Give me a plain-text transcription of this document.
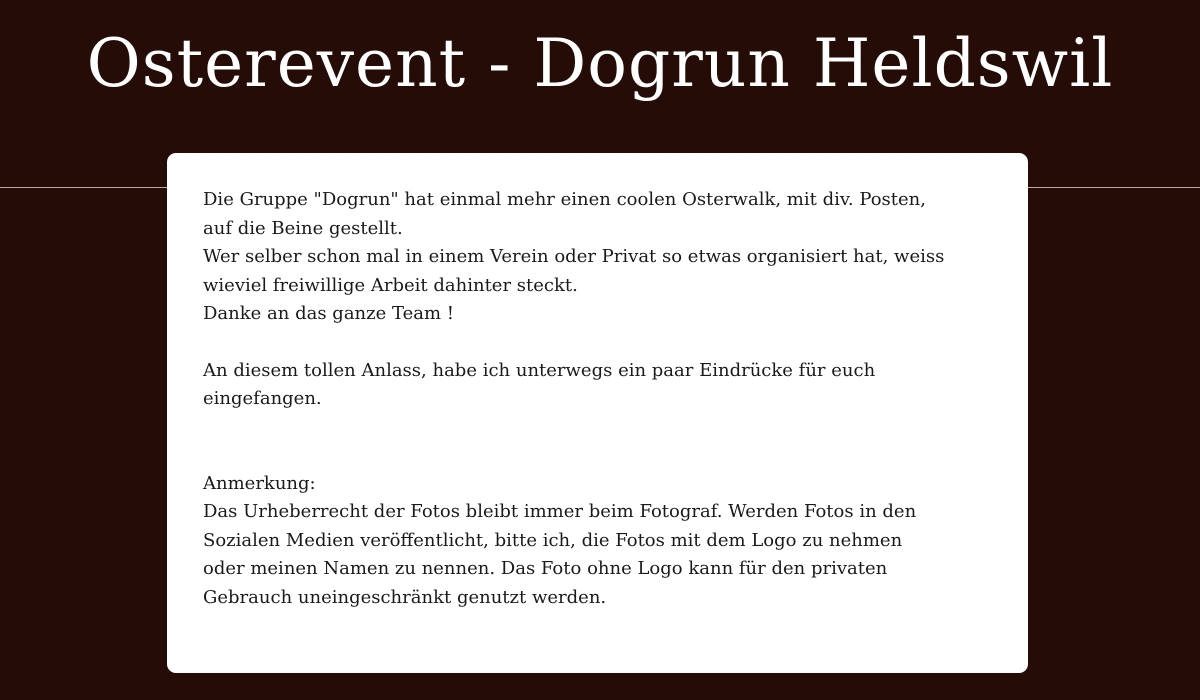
Osterevent - Dogrun Heldswil

Die Gruppe "Dogrun" hat einmal mehr einen coolen Osterwalk, mit div. Posten,

auf die Beine gestellt.

Wer selber schon mal in einem Verein oder Privat so etwas organisiert hat, weiss

wieviel freiwillige Arbeit dahinter steckt.

Danke an das ganze Team !

An diesem tollen Anlass, habe ich unterwegs ein paar Eindrücke für euch

eingefangen.

Anmerkung:

Das Urheberrecht der Fotos bleibt immer beim Fotograf. Werden Fotos in den

Sozialen Medien veröffentlicht, bitte ich, die Fotos mit dem Logo zu nehmen

oder meinen Namen zu nennen. Das Foto ohne Logo kann für den privaten

Gebrauch uneingeschränkt genutzt werden.
